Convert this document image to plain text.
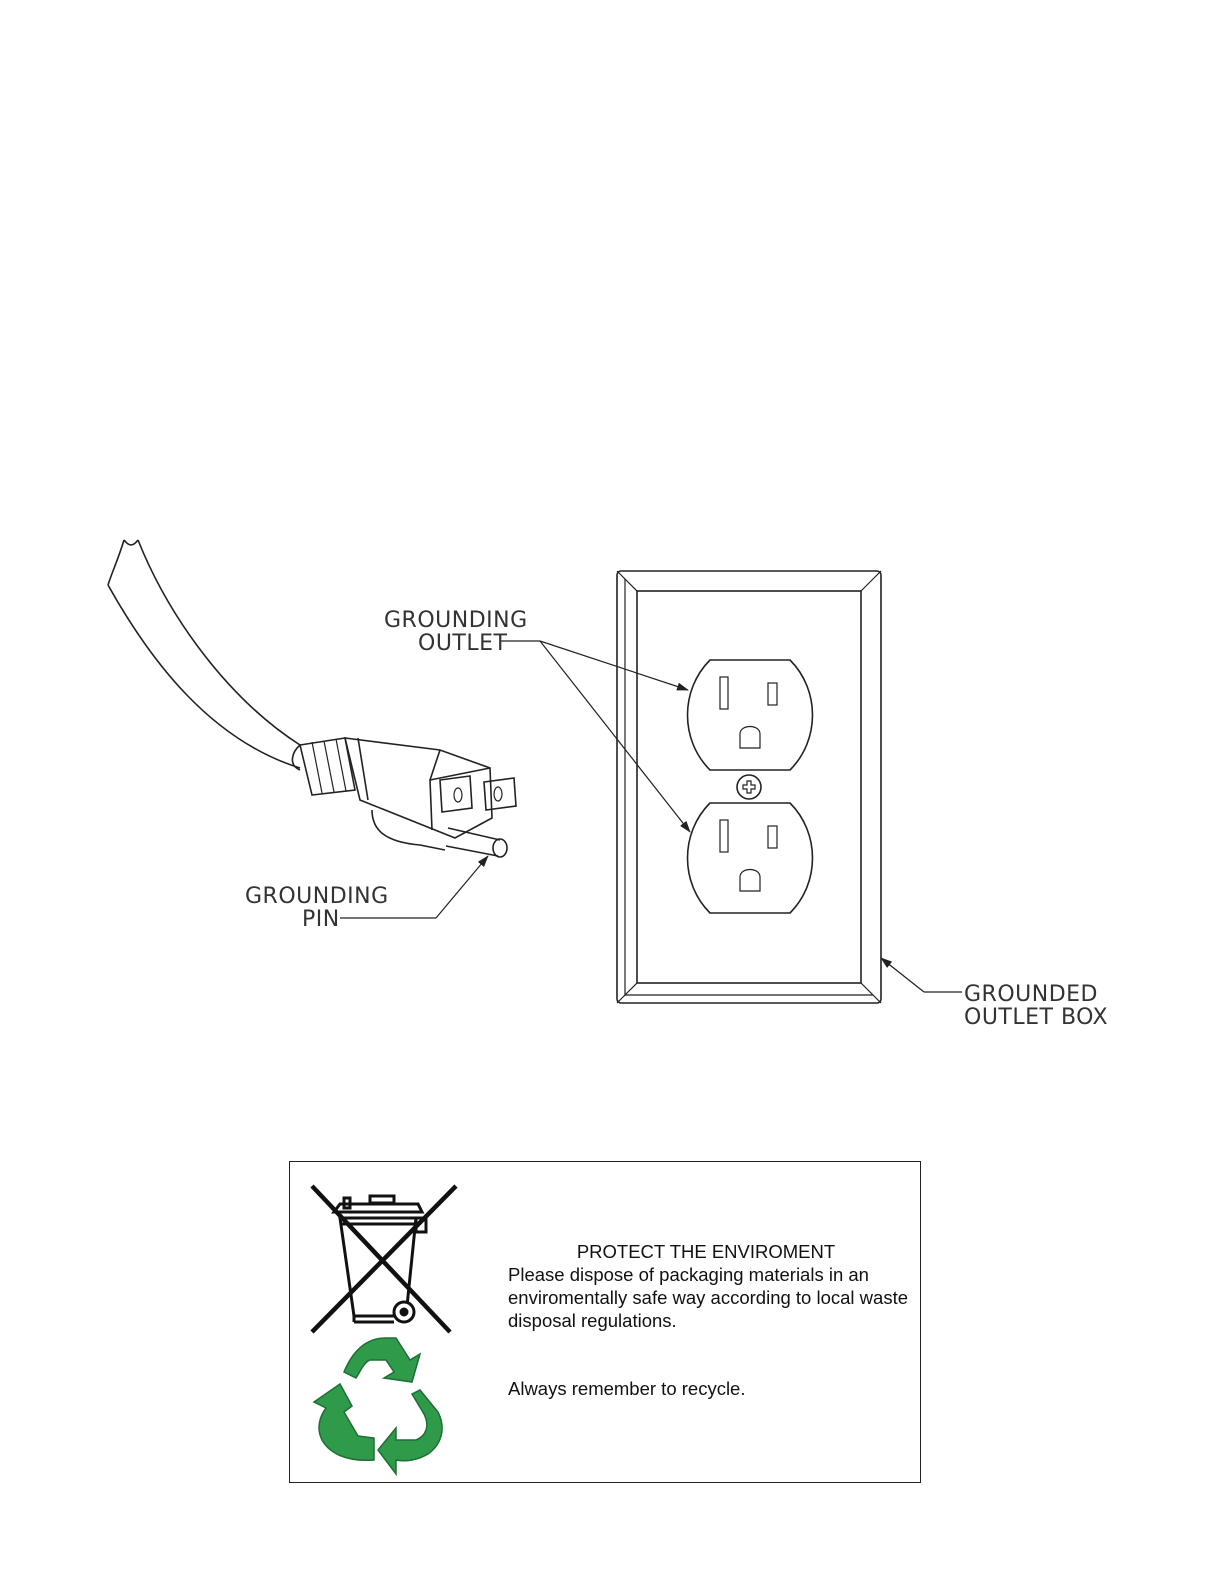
GROUNDING
OUTLET
GROUNDING
PIN
GROUNDED
OUTLET BOX
PROTECT THE ENVIROMENT
Please dispose of packaging materials in an enviromentally safe way according to local waste disposal regulations.
Always remember to recycle.
